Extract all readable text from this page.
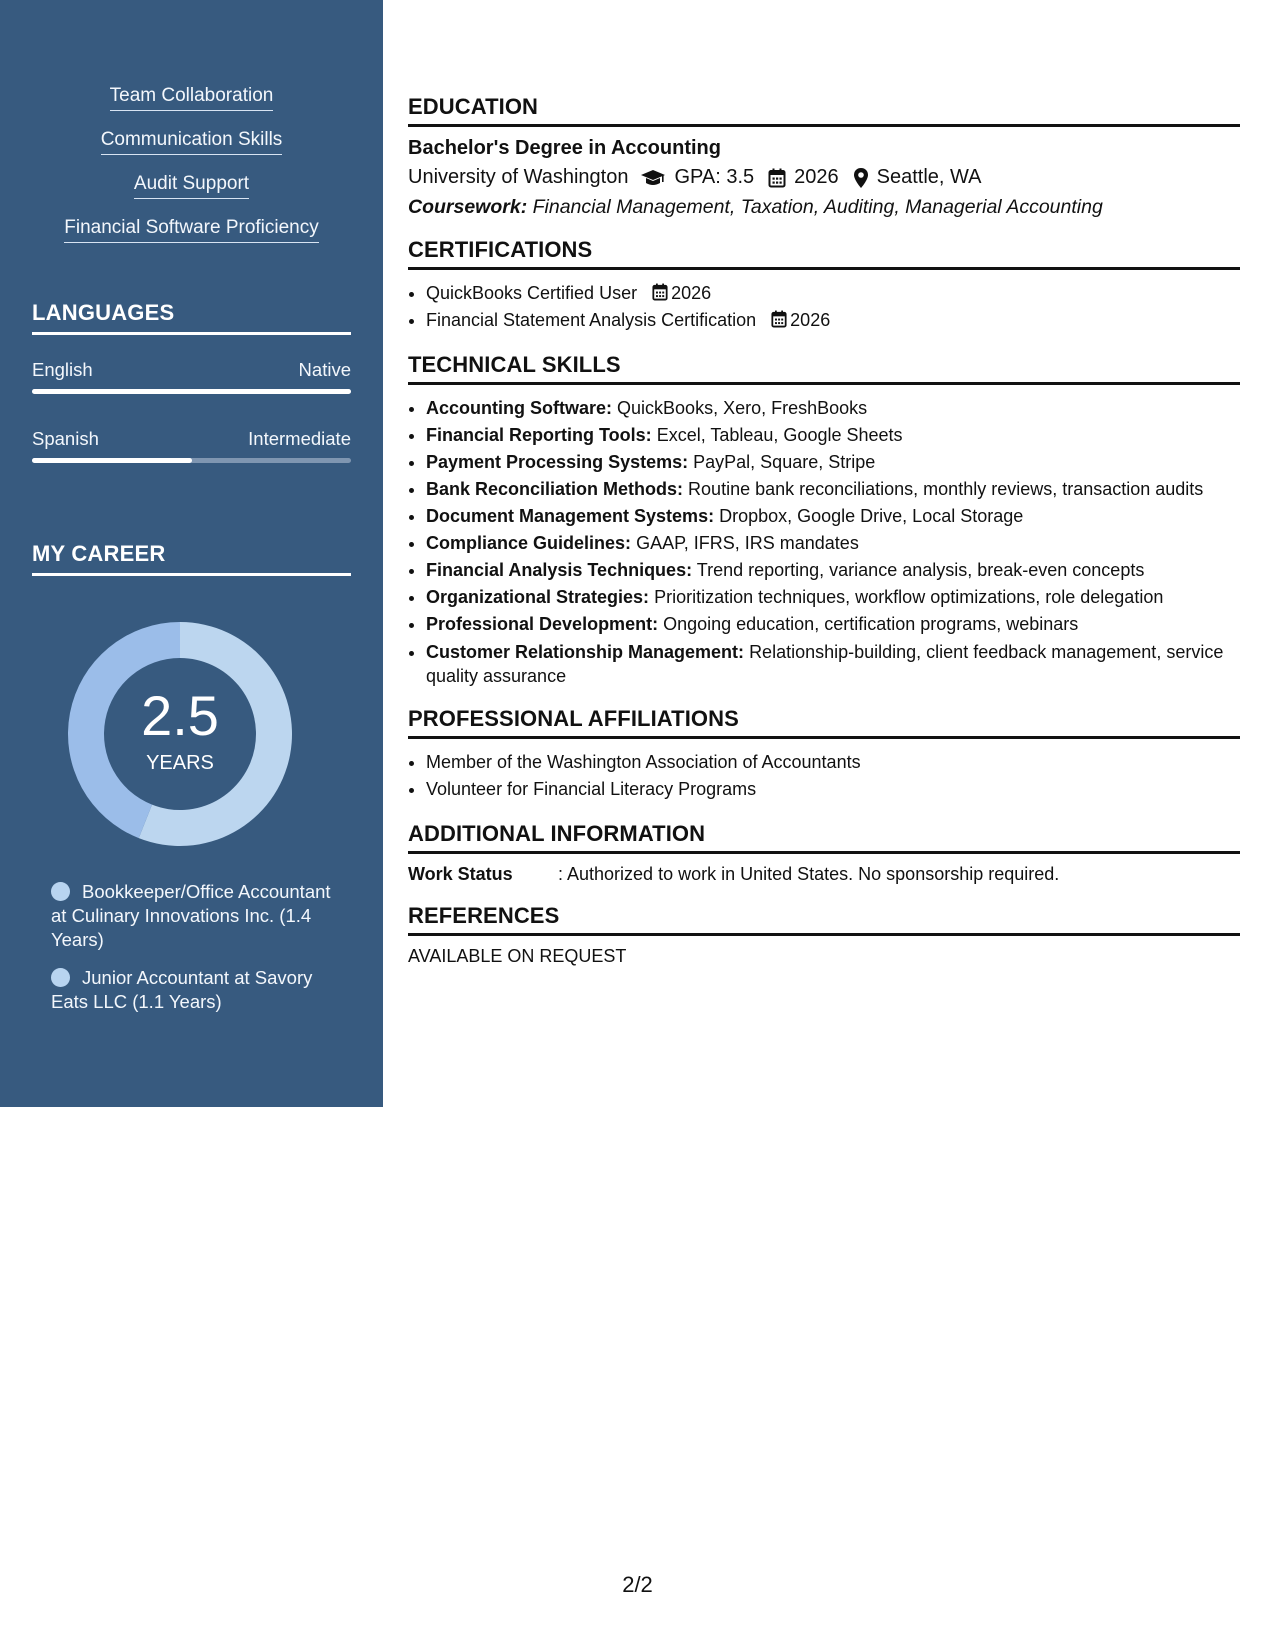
Team Collaboration
Communication Skills
Audit Support
Financial Software Proficiency
LANGUAGES
English	Native
Spanish	Intermediate
MY CAREER
2.5
YEARS
Bookkeeper/Office Accountant at Culinary Innovations Inc. (1.4 Years)
Junior Accountant at Savory Eats LLC (1.1 Years)
EDUCATION
Bachelor's Degree in Accounting
University of Washington GPA: 3.5 2026 Seattle, WA
Coursework: Financial Management, Taxation, Auditing, Managerial Accounting
CERTIFICATIONS
• QuickBooks Certified User 2026
• Financial Statement Analysis Certification 2026
TECHNICAL SKILLS
• Accounting Software: QuickBooks, Xero, FreshBooks
• Financial Reporting Tools: Excel, Tableau, Google Sheets
• Payment Processing Systems: PayPal, Square, Stripe
• Bank Reconciliation Methods: Routine bank reconciliations, monthly reviews, transaction audits
• Document Management Systems: Dropbox, Google Drive, Local Storage
• Compliance Guidelines: GAAP, IFRS, IRS mandates
• Financial Analysis Techniques: Trend reporting, variance analysis, break-even concepts
• Organizational Strategies: Prioritization techniques, workflow optimizations, role delegation
• Professional Development: Ongoing education, certification programs, webinars
• Customer Relationship Management: Relationship-building, client feedback management, service quality assurance
PROFESSIONAL AFFILIATIONS
• Member of the Washington Association of Accountants
• Volunteer for Financial Literacy Programs
ADDITIONAL INFORMATION
Work Status	: Authorized to work in United States. No sponsorship required.
REFERENCES
AVAILABLE ON REQUEST
2/2
